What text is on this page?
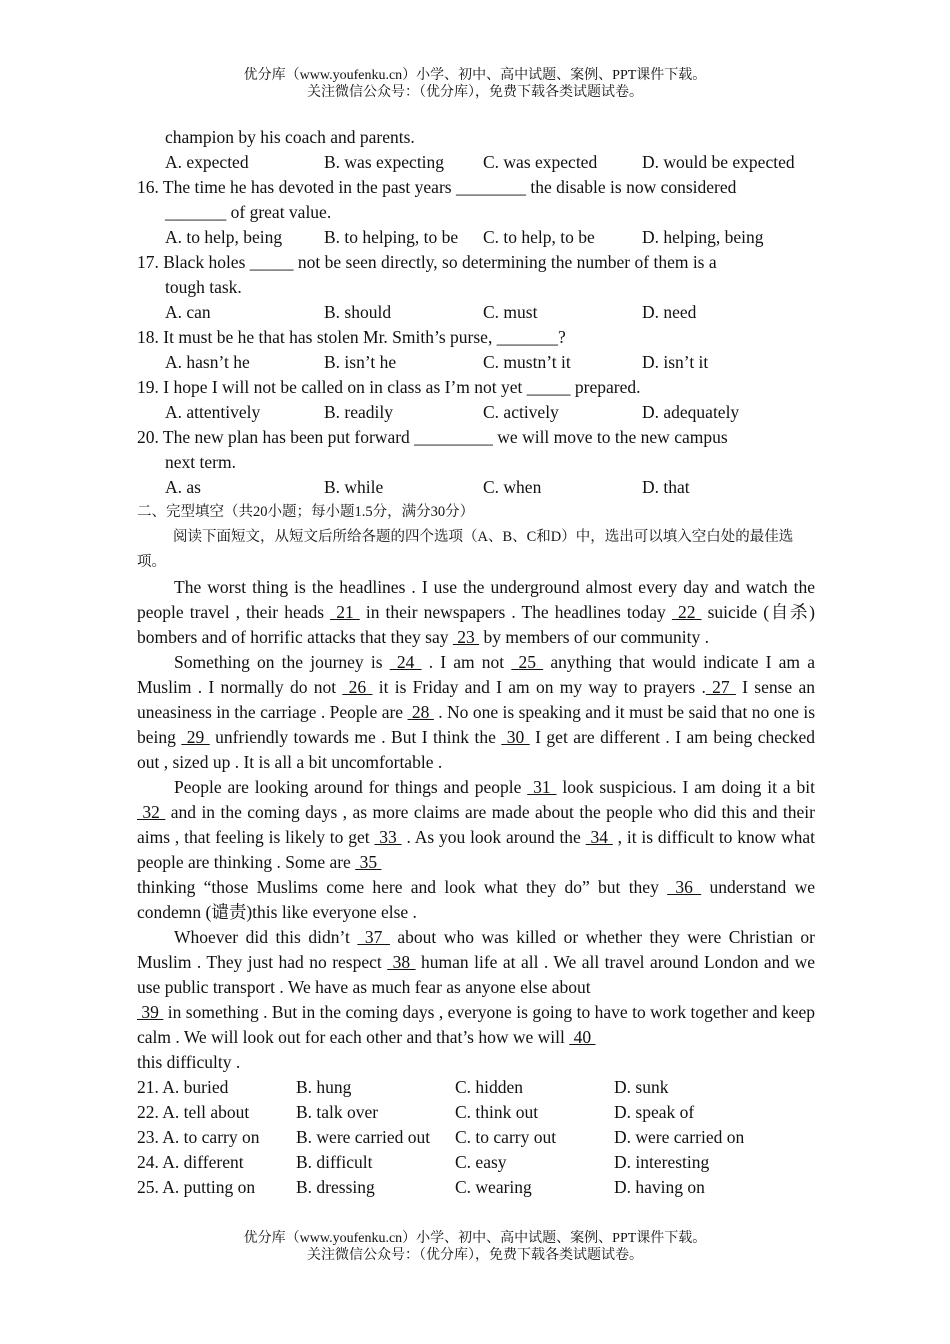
优分库（www.youfenku.cn）小学、初中、高中试题、案例、PPT课件下载。
关注微信公众号：（优分库），免费下载各类试题试卷。
champion by his coach and parents.
A. expected	B. was expecting	C. was expected	D. would be expected
16. The time he has devoted in the past years ________ the disable is now considered
_______ of great value.
A. to help, being	B. to helping, to be	C. to help, to be	D. helping, being
17. Black holes _____ not be seen directly, so determining the number of them is a
tough task.
A. can	B. should	C. must	D. need
18. It must be he that has stolen Mr. Smith’s purse, _______?
A. hasn’t he	B. isn’t he	C. mustn’t it	D. isn’t it
19. I hope I will not be called on in class as I’m not yet _____ prepared.
A. attentively	B. readily	C. actively	D. adequately
20. The new plan has been put forward _________ we will move to the new campus
next term.
A. as	B. while	C. when	D. that
二、完型填空（共20小题；每小题1.5分，满分30分）
阅读下面短文，从短文后所给各题的四个选项（A、B、C和D）中，选出可以填入空白处的最佳选项。
The worst thing is the headlines . I use the underground almost every day and watch the people travel , their heads  21  in their newspapers . The headlines today  22  suicide (自杀) bombers and of horrific attacks that they say  23  by members of our community .
Something on the journey is  24  . I am not  25  anything that would indicate I am a Muslim . I normally do not  26  it is Friday and I am on my way to prayers . 27  I sense an uneasiness in the carriage . People are  28  . No one is speaking and it must be said that no one is being  29  unfriendly towards me . But I think the  30  I get are different . I am being checked out , sized up . It is all a bit uncomfortable .
People are looking around for things and people  31  look suspicious. I am doing it a bit  32  and in the coming days , as more claims are made about the people who did this and their aims , that feeling is likely to get  33  . As you look around the  34  , it is difficult to know what people are thinking . Some are  35
thinking “those Muslims come here and look what they do” but they  36  understand we condemn (谴责)this like everyone else .
Whoever did this didn’t  37  about who was killed or whether they were Christian or Muslim . They just had no respect  38  human life at all . We all travel around London and we use public transport . We have as much fear as anyone else about
39  in something . But in the coming days , everyone is going to have to work together and keep calm . We will look out for each other and that’s how we will  40
this difficulty .
21. A. buried	B. hung	C. hidden	D. sunk
22. A. tell about	B. talk over	C. think out	D. speak of
23. A. to carry on	B. were carried out	C. to carry out	D. were carried on
24. A. different	B. difficult	C. easy	D. interesting
25. A. putting on	B. dressing	C. wearing	D. having on
优分库（www.youfenku.cn）小学、初中、高中试题、案例、PPT课件下载。
关注微信公众号：（优分库），免费下载各类试题试卷。
